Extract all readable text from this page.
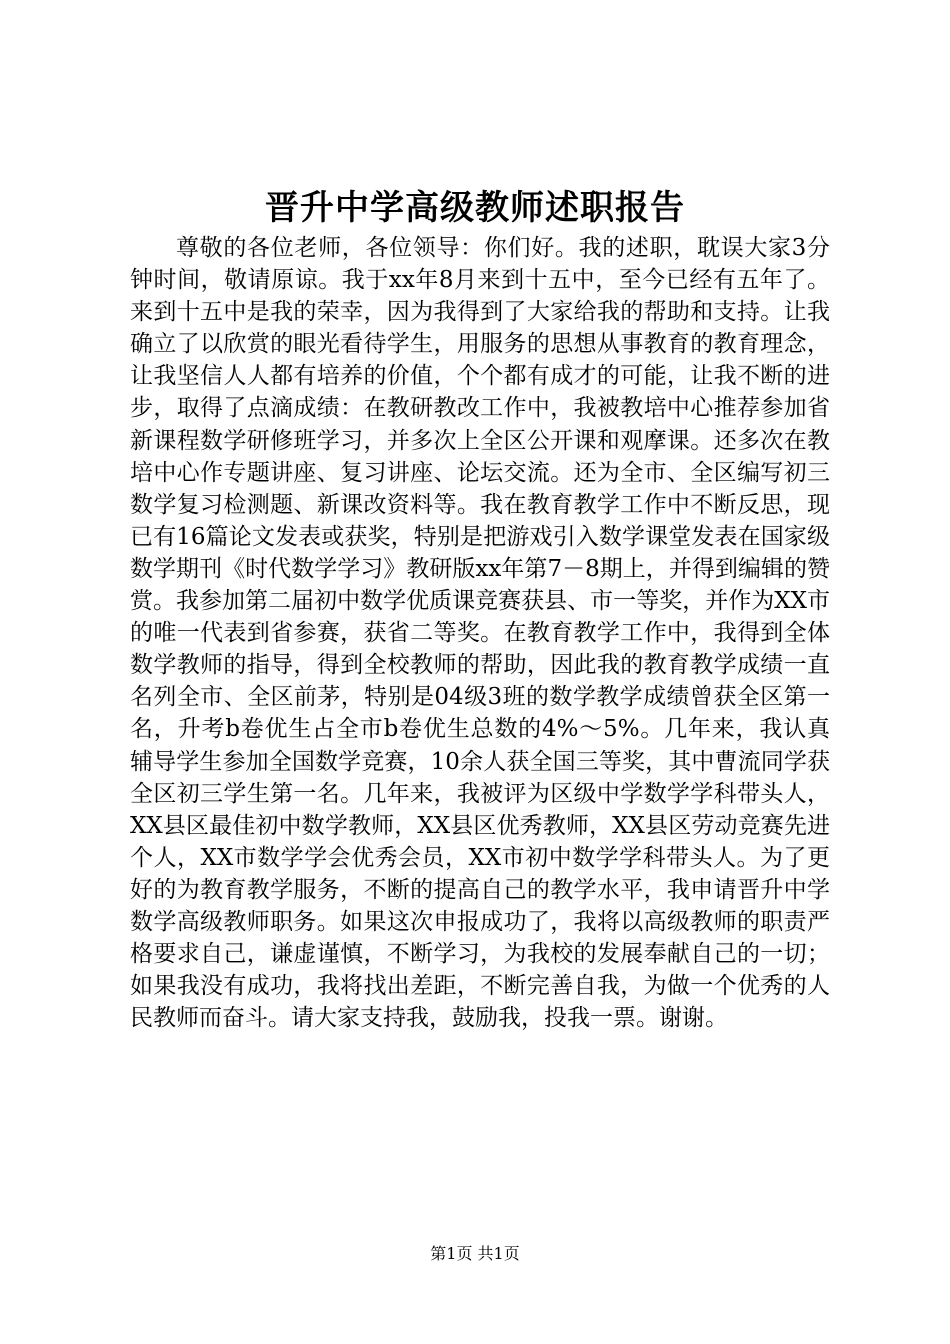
晋升中学高级教师述职报告

尊敬的各位老师，各位领导：你们好。我的述职，耽误大家3分钟时间，敬请原谅。我于xx年8月来到十五中，至今已经有五年了。来到十五中是我的荣幸，因为我得到了大家给我的帮助和支持。让我确立了以欣赏的眼光看待学生，用服务的思想从事教育的教育理念，让我坚信人人都有培养的价值，个个都有成才的可能，让我不断的进步，取得了点滴成绩：在教研教改工作中，我被教培中心推荐参加省新课程数学研修班学习，并多次上全区公开课和观摩课。还多次在教培中心作专题讲座、复习讲座、论坛交流。还为全市、全区编写初三数学复习检测题、新课改资料等。我在教育教学工作中不断反思，现已有16篇论文发表或获奖，特别是把游戏引入数学课堂发表在国家级数学期刊《时代数学学习》教研版xx年第7－8期上，并得到编辑的赞赏。我参加第二届初中数学优质课竞赛获县、市一等奖，并作为XX市的唯一代表到省参赛，获省二等奖。在教育教学工作中，我得到全体数学教师的指导，得到全校教师的帮助，因此我的教育教学成绩一直名列全市、全区前茅，特别是04级3班的数学教学成绩曾获全区第一名，升考b卷优生占全市b卷优生总数的4%～5%。几年来，我认真辅导学生参加全国数学竞赛，10余人获全国三等奖，其中曹流同学获全区初三学生第一名。几年来，我被评为区级中学数学学科带头人，XX县区最佳初中数学教师，XX县区优秀教师，XX县区劳动竞赛先进个人，XX市数学学会优秀会员，XX市初中数学学科带头人。为了更好的为教育教学服务，不断的提高自己的教学水平，我申请晋升中学数学高级教师职务。如果这次申报成功了，我将以高级教师的职责严格要求自己，谦虚谨慎，不断学习，为我校的发展奉献自己的一切；如果我没有成功，我将找出差距，不断完善自我，为做一个优秀的人民教师而奋斗。请大家支持我，鼓励我，投我一票。谢谢。

第1页 共1页
